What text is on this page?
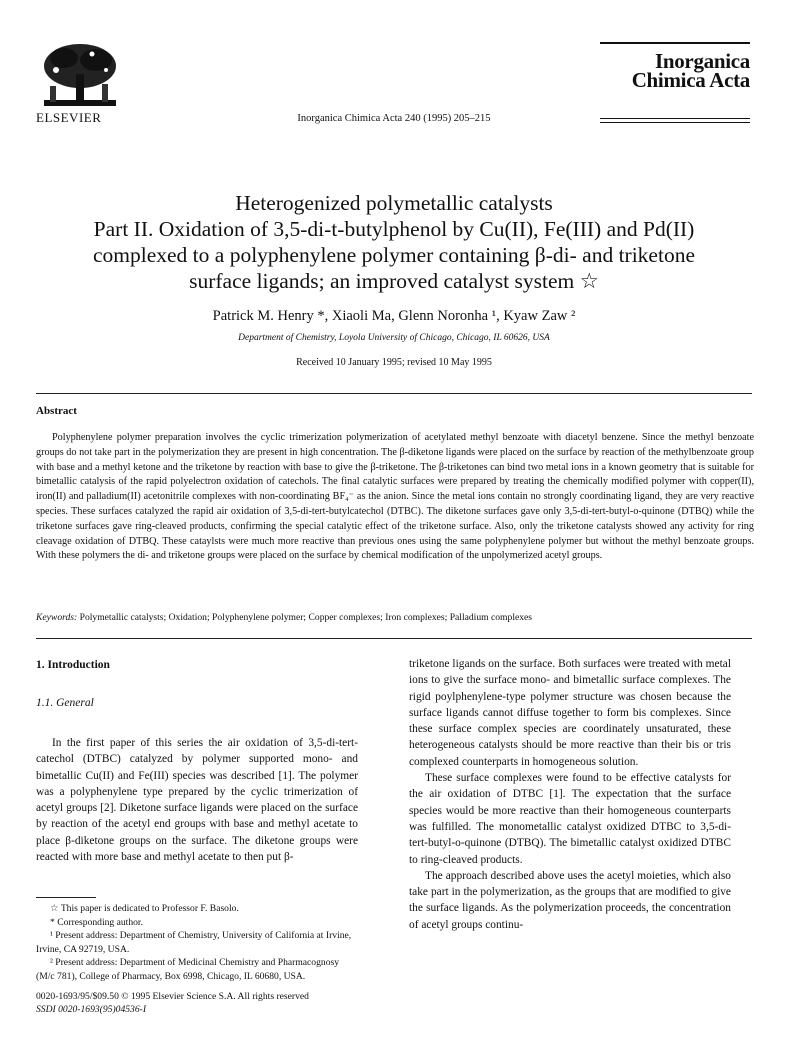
ELSEVIER	Inorganica Chimica Acta 240 (1995) 205–215
Inorganica
Chimica Acta
Heterogenized polymetallic catalysts
Part II. Oxidation of 3,5-di-t-butylphenol by Cu(II), Fe(III) and Pd(II)
complexed to a polyphenylene polymer containing β-di- and triketone
surface ligands; an improved catalyst system ☆
Patrick M. Henry *, Xiaoli Ma, Glenn Noronha ¹, Kyaw Zaw ²
Department of Chemistry, Loyola University of Chicago, Chicago, IL 60626, USA
Received 10 January 1995; revised 10 May 1995
Abstract

Polyphenylene polymer preparation involves the cyclic trimerization polymerization of acetylated methyl benzoate with diacetyl benzene. Since the methyl benzoate groups do not take part in the polymerization they are present in high concentration. The β-diketone ligands were placed on the surface by reaction of the methylbenzoate group with base and a methyl ketone and the triketone by reaction with base to give the β-triketone. The β-triketones can bind two metal ions in a known geometry that is suitable for bimetallic catalysis of the rapid polyelectron oxidation of catechols. The final catalytic surfaces were prepared by treating the chemically modified polymer with copper(II), iron(II) and palladium(II) acetonitrile complexes with non-coordinating BF₄⁻ as the anion. Since the metal ions contain no strongly coordinating ligand, they are very reactive species. These surfaces catalyzed the rapid air oxidation of 3,5-di-tert-butylcatechol (DTBC). The diketone surfaces gave only 3,5-di-tert-butyl-o-quinone (DTBQ) while the triketone surfaces gave ring-cleaved products, confirming the special catalytic effect of the triketone surface. Also, only the triketone catalysts showed any activity for ring cleavage oxidation of DTBQ. These cataylsts were much more reactive than previous ones using the same polyphenylene polymer but without the methyl benzoate groups. With these polymers the di- and triketone groups were placed on the surface by chemical modification of the unpolymerized acetyl groups.

Keywords: Polymetallic catalysts; Oxidation; Polyphenylene polymer; Copper complexes; Iron complexes; Palladium complexes
1. Introduction
1.1. General

In the first paper of this series the air oxidation of 3,5-di-tert-catechol (DTBC) catalyzed by polymer supported mono- and bimetallic Cu(II) and Fe(III) species was described [1]. The polymer was a polyphenylene type prepared by the cyclic trimerization of acetyl groups [2]. Diketone surface ligands were placed on the surface by reaction of the acetyl end groups with base and methyl acetate to place β-diketone groups on the surface. The diketone groups were reacted with more base and methyl acetate to then put β-

☆ This paper is dedicated to Professor F. Basolo.
* Corresponding author.
¹ Present address: Department of Chemistry, University of California at Irvine, Irvine, CA 92719, USA.
² Present address: Department of Medicinal Chemistry and Pharmacognosy (M/c 781), College of Pharmacy, Box 6998, Chicago, IL 60680, USA.
0020-1693/95/$09.50 © 1995 Elsevier Science S.A. All rights reserved
SSDI 0020-1693(95)04536-I

triketone ligands on the surface. Both surfaces were treated with metal ions to give the surface mono- and bimetallic surface complexes. The rigid poylphenylene-type polymer structure was chosen because the surface ligands cannot diffuse together to form bis complexes. Since these surface complex species are coordinately unsaturated, these heterogeneous catalysts should be more reactive than their bis or tris complexed counterparts in homogeneous solution.

These surface complexes were found to be effective catalysts for the air oxidation of DTBC [1]. The expectation that the surface species would be more reactive than their homogeneous counterparts was fulfilled. The monometallic catalyst oxidized DTBC to 3,5-di-tert-butyl-o-quinone (DTBQ). The bimetallic catalyst oxidized DTBC to ring-cleaved products.

The approach described above uses the acetyl moieties, which also take part in the polymerization, as the groups that are modified to give the surface ligands. As the polymerization proceeds, the concentration of acetyl groups continu-
